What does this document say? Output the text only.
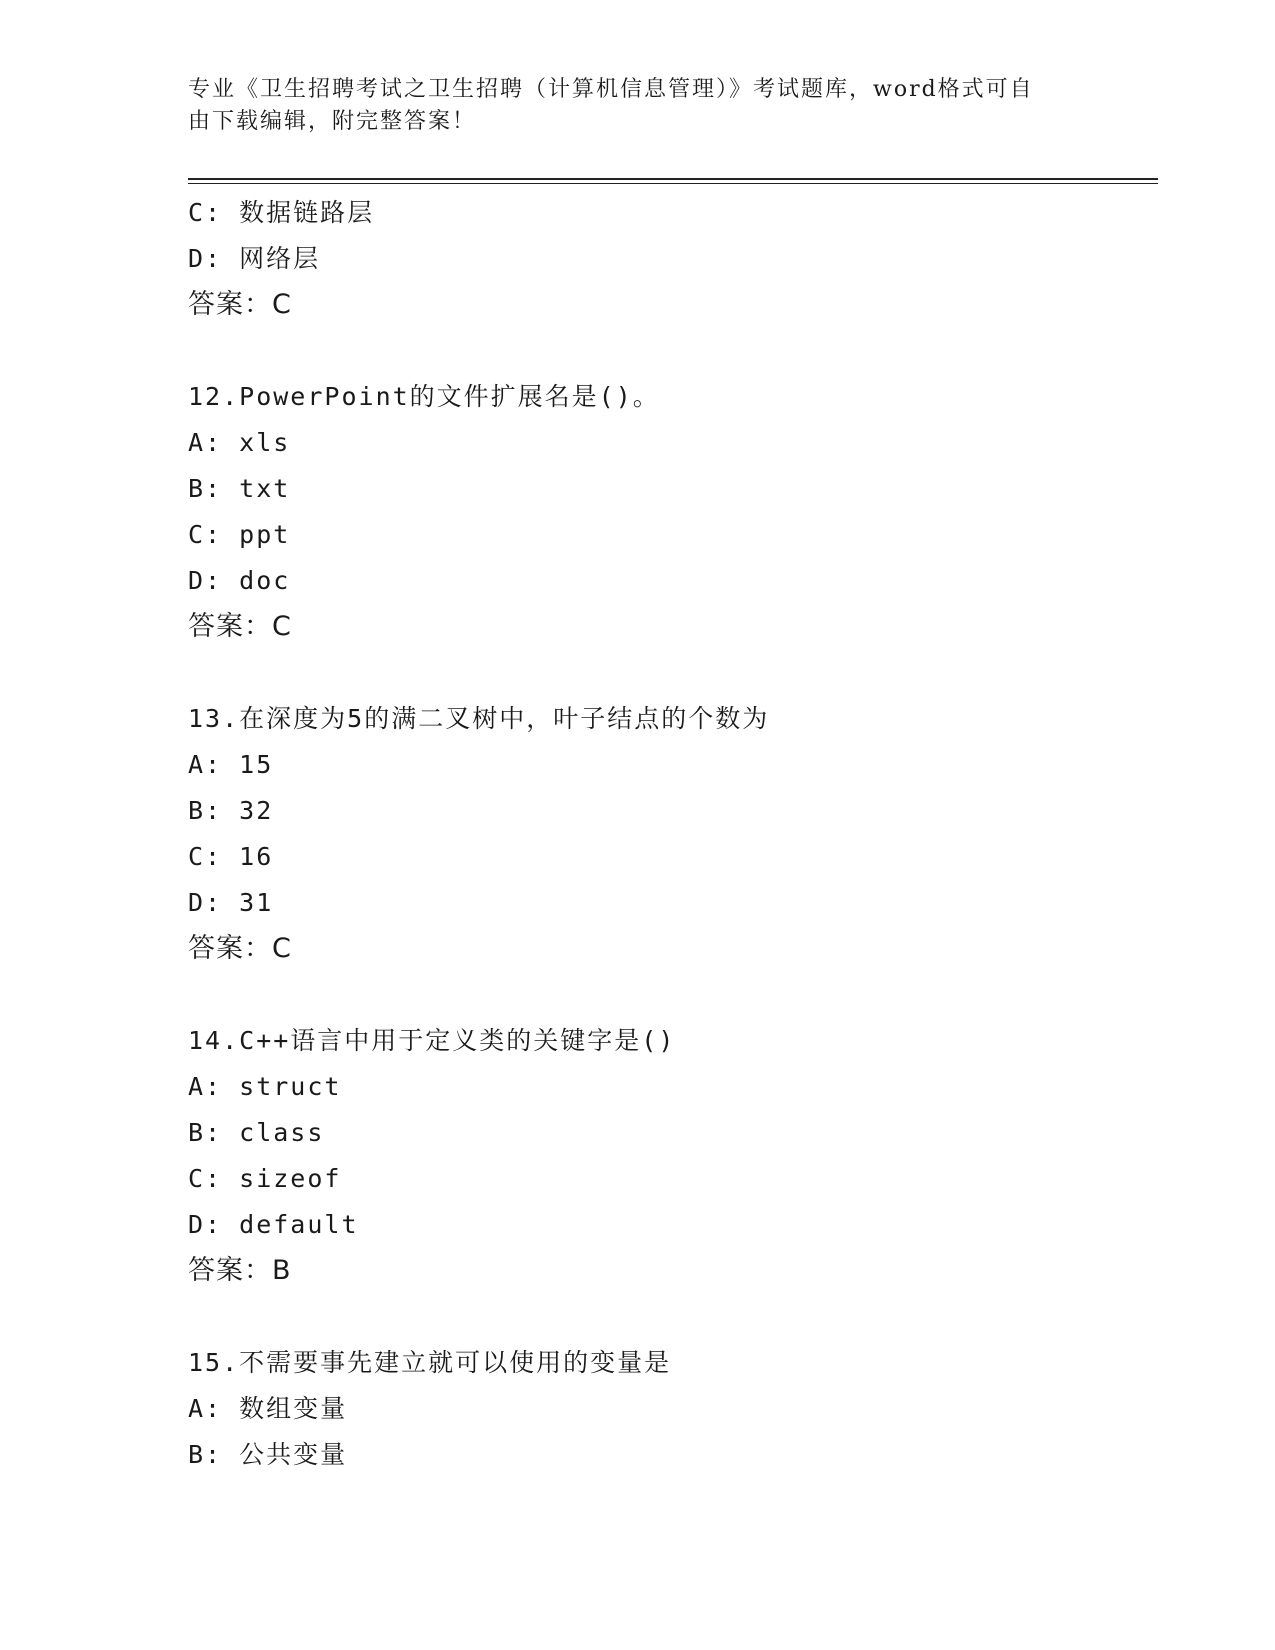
专业《卫生招聘考试之卫生招聘（计算机信息管理）》考试题库，word格式可自
由下载编辑，附完整答案！
C: 数据链路层
D: 网络层
答案：C
12.PowerPoint的文件扩展名是()。
A: xls
B: txt
C: ppt
D: doc
答案：C
13.在深度为5的满二叉树中，叶子结点的个数为
A: 15
B: 32
C: 16
D: 31
答案：C
14.C++语言中用于定义类的关键字是()
A: struct
B: class
C: sizeof
D: default
答案：B
15.不需要事先建立就可以使用的变量是
A: 数组变量
B: 公共变量
